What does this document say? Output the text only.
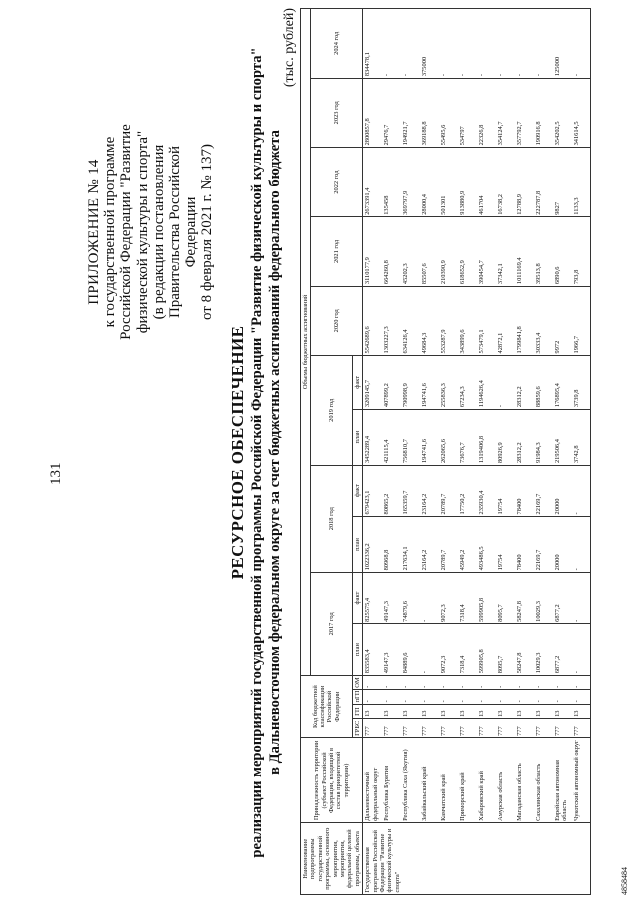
131
ПРИЛОЖЕНИЕ № 14 к государственной программе Российской Федерации "Развитие физической культуры и спорта" (в редакции постановления Правительства Российской Федерации от 8 февраля 2021 г. № 137)
РЕСУРСНОЕ ОБЕСПЕЧЕНИЕ реализации мероприятий государственной программы Российской Федерации "Развитие физической культуры и спорта" в Дальневосточном федеральном округе за счет бюджетных ассигнований федерального бюджета
(тыс. рублей)
Наименование подпрограммы государственной программы, основного мероприятия, мероприятия, федеральной целевой программы, объекта	Принадлежность территории (субъект Российской Федерации, входящий в состав приоритетной территории)	Код бюджетной классификации Российской Федерации				Объемы бюджетных ассигнований										
						2017 год		2018 год		2019 год		2020 год	2021 год	2022 год	2023 год	2024 год
		ГРБС	ГП	пГП	ОМ	план	факт	план	факт	план	факт					
Государственная программа Российской Федерации "Развитие физической культуры и спорта"	Дальневосточный федеральный округ	777	13	-	-	835583,4	825575,4	1022336,2	679423,1	3452289,4	3209145,7	5542689,6	3110177,9	2673391,4	2800857,8	834478,1
	Республика Бурятия	777	13	-	-	49147,3	49147,3	80968,8	80865,2	421115,4	407899,2	1303227,3	664260,8	135458	29476,7	-
	Республика Саха (Якутия)	777	13	-	-	84889,6	74879,6	217634,1	165359,7	756810,7	790998,9	634126,4	45202,3	369797,9	194921,7	-
	Забайкальский край	777	13	-	-	-	-	23164,2	23164,2	194741,6	194741,6	49684,3	85507,6	28000,4	369188,8	375000
	Камчатский край	777	13	-	-	9072,3	9072,3	20789,7	20789,7	262065,6	255836,3	553287,9	210390,9	501301	55495,6	-
	Приморский край	777	13	-	-	7318,4	7318,4	45949,2	17750,2	73676,7	67234,3	343899,6	618652,9	913880,9	534797	-
	Хабаровский край	777	13	-	-	599905,8	599905,8	493486,5	235930,4	1319406,8	1194626,4	573479,1	390454,7	461704	22326,8	-
	Амурская область	777	13	-	-	8095,7	8095,7	19754	19754	80926,9	-	42872,1	37342,1	16738,2	354124,7	-
	Магаданская область	777	13	-	-	58247,8	58247,8	78400	78400	28312,2	28312,2	1799841,8	1011169,4	12788,9	357792,7	-
	Сахалинская область	777	13	-	-	10029,3	10029,3	22169,7	22169,7	91984,3	88859,6	30333,4	39513,8	222787,8	190916,8	-
	Еврейская автономная область	777	13	-	-	6877,2	6877,2	20000	20000	219506,4	176895,4	9972	6890,6	9827	354202,5	125000
	Чукотский автономный округ	777	13	-	-	-	-	-	-	3742,8	3739,8	1966,7	793,8	1133,3	341614,5	-
4858484
